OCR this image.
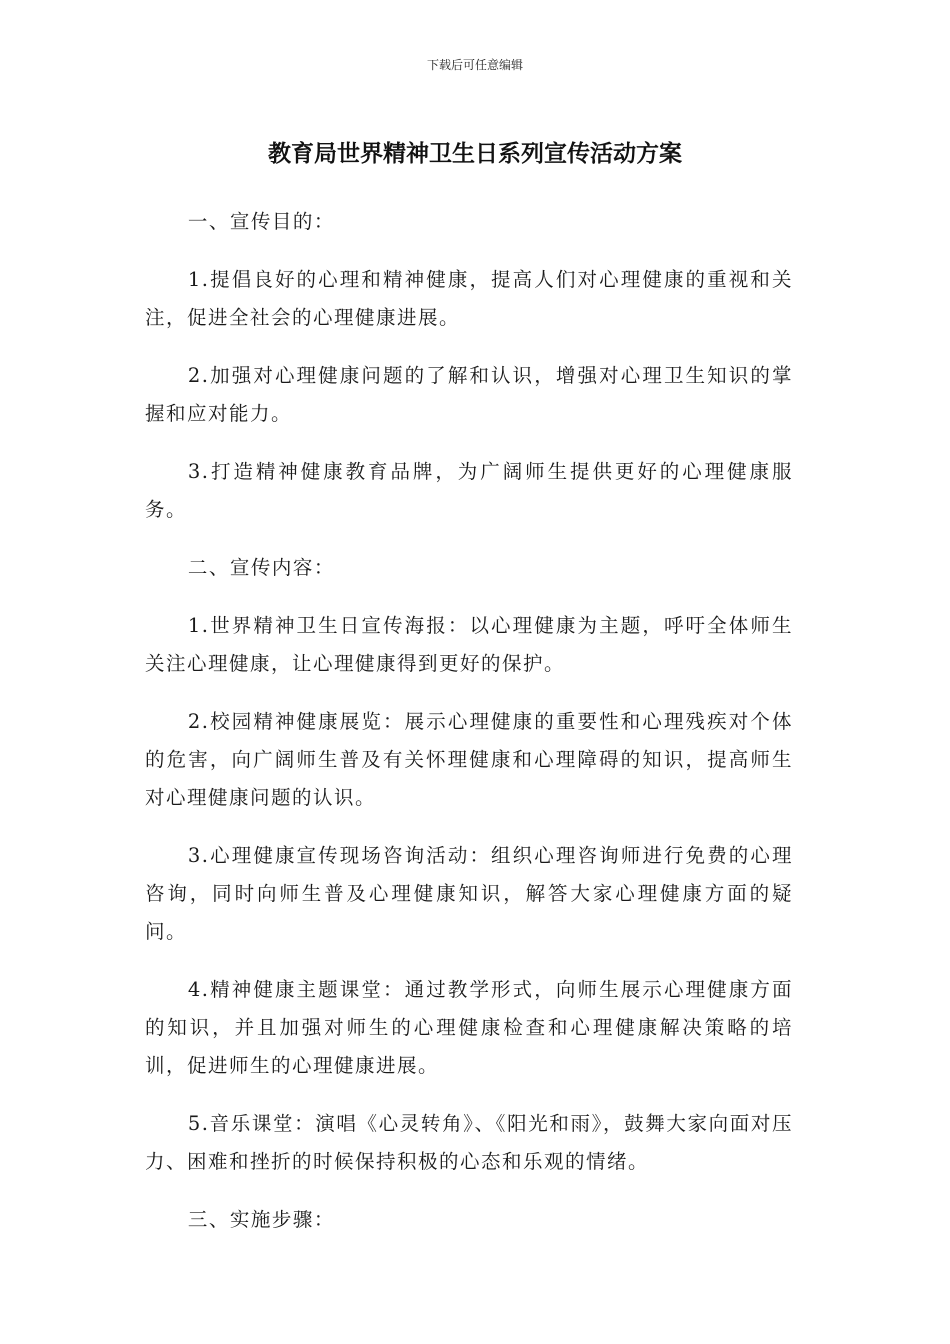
下载后可任意编辑
教育局世界精神卫生日系列宣传活动方案

一、宣传目的：

1.提倡良好的心理和精神健康，提高人们对心理健康的重视和关注，促进全社会的心理健康进展。

2.加强对心理健康问题的了解和认识，增强对心理卫生知识的掌握和应对能力。

3.打造精神健康教育品牌，为广阔师生提供更好的心理健康服务。

二、宣传内容：

1.世界精神卫生日宣传海报：以心理健康为主题，呼吁全体师生关注心理健康，让心理健康得到更好的保护。

2.校园精神健康展览：展示心理健康的重要性和心理残疾对个体的危害，向广阔师生普及有关怀理健康和心理障碍的知识，提高师生对心理健康问题的认识。

3.心理健康宣传现场咨询活动：组织心理咨询师进行免费的心理咨询，同时向师生普及心理健康知识，解答大家心理健康方面的疑问。

4.精神健康主题课堂：通过教学形式，向师生展示心理健康方面的知识，并且加强对师生的心理健康检查和心理健康解决策略的培训，促进师生的心理健康进展。

5.音乐课堂：演唱《心灵转角》、《阳光和雨》，鼓舞大家向面对压力、困难和挫折的时候保持积极的心态和乐观的情绪。

三、实施步骤：
